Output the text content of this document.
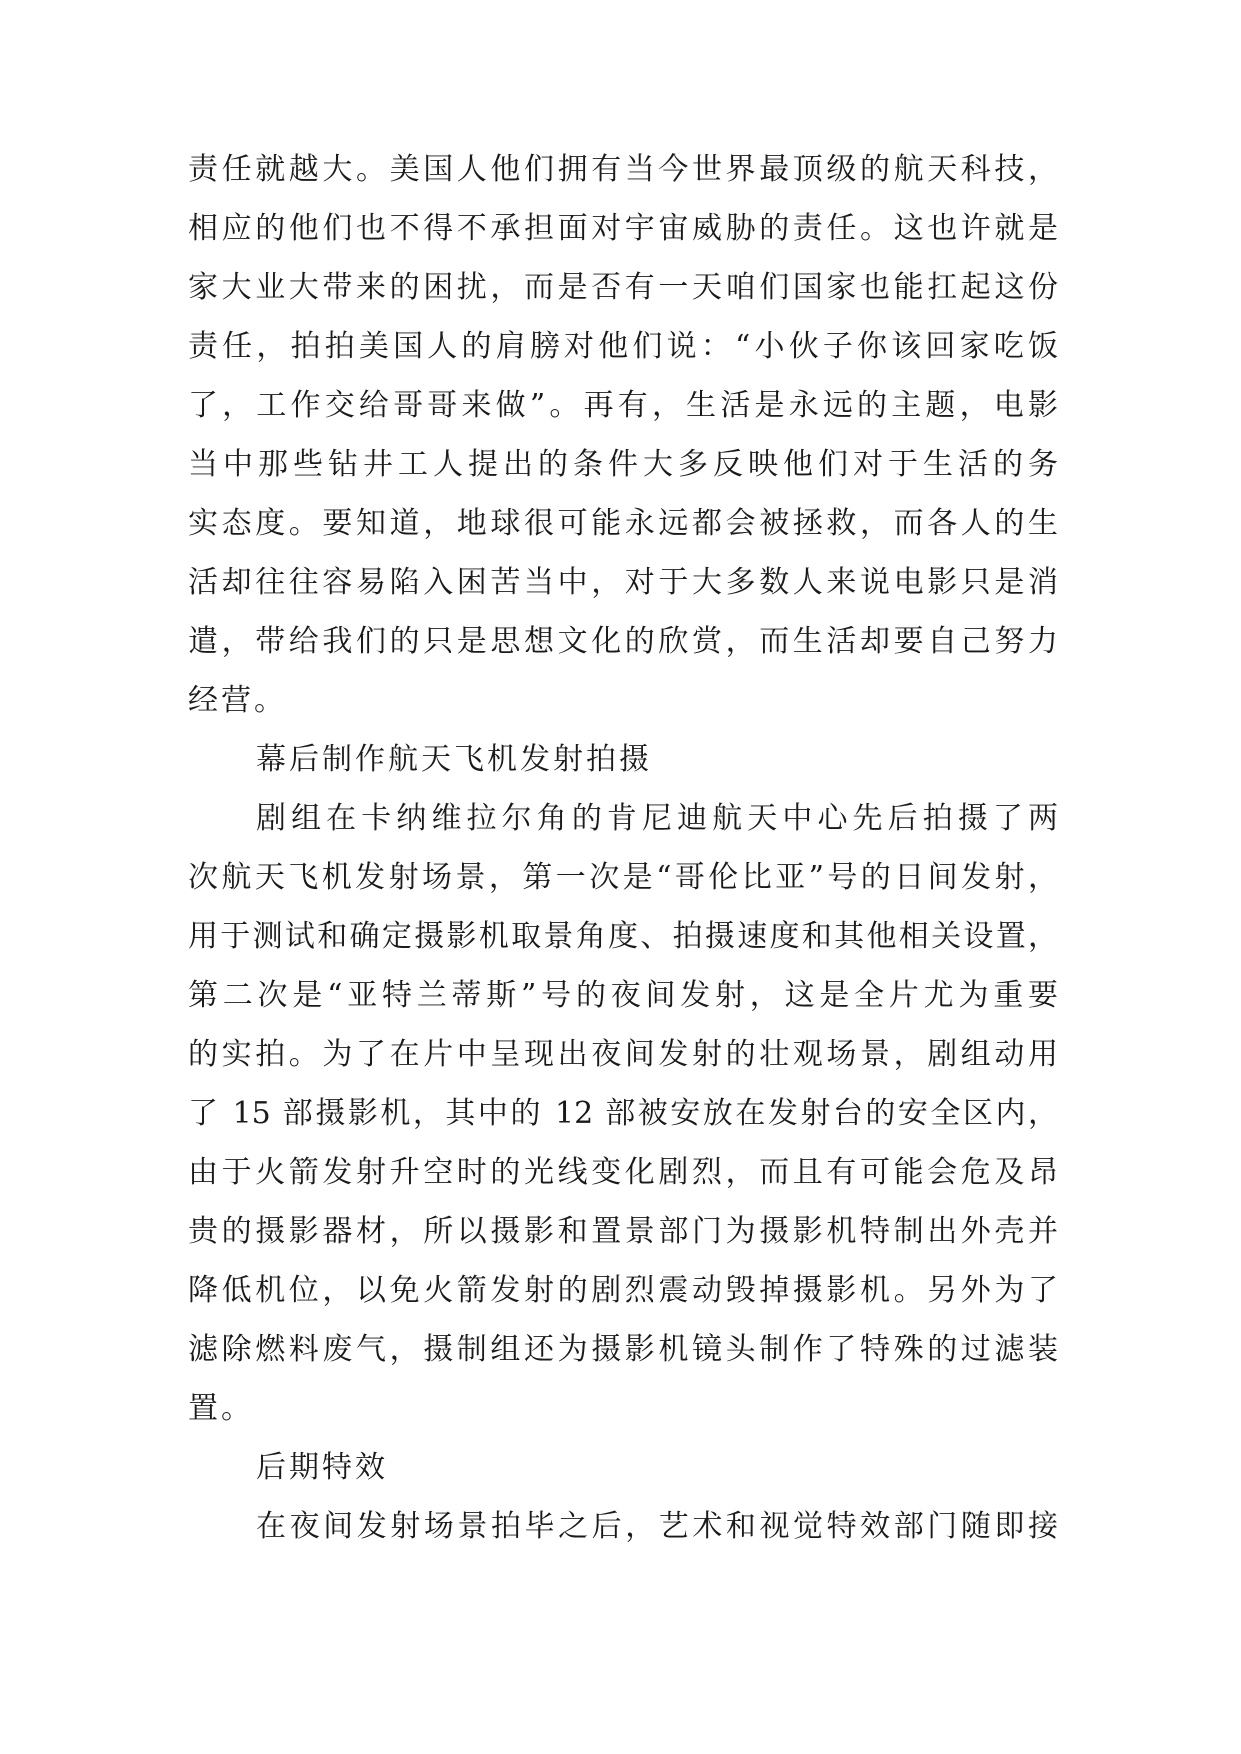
责任就越大。美国人他们拥有当今世界最顶级的航天科技，
相应的他们也不得不承担面对宇宙威胁的责任。这也许就是
家大业大带来的困扰，而是否有一天咱们国家也能扛起这份
责任，拍拍美国人的肩膀对他们说：“小伙子你该回家吃饭
了，工作交给哥哥来做”。再有，生活是永远的主题，电影
当中那些钻井工人提出的条件大多反映他们对于生活的务
实态度。要知道，地球很可能永远都会被拯救，而各人的生
活却往往容易陷入困苦当中，对于大多数人来说电影只是消
遣，带给我们的只是思想文化的欣赏，而生活却要自己努力
经营。
幕后制作航天飞机发射拍摄
剧组在卡纳维拉尔角的肯尼迪航天中心先后拍摄了两
次航天飞机发射场景，第一次是“哥伦比亚”号的日间发射，
用于测试和确定摄影机取景角度、拍摄速度和其他相关设置，
第二次是“亚特兰蒂斯”号的夜间发射，这是全片尤为重要
的实拍。为了在片中呈现出夜间发射的壮观场景，剧组动用
了 15 部摄影机，其中的 12 部被安放在发射台的安全区内，
由于火箭发射升空时的光线变化剧烈，而且有可能会危及昂
贵的摄影器材，所以摄影和置景部门为摄影机特制出外壳并
降低机位，以免火箭发射的剧烈震动毁掉摄影机。另外为了
滤除燃料废气，摄制组还为摄影机镜头制作了特殊的过滤装
置。
后期特效
在夜间发射场景拍毕之后，艺术和视觉特效部门随即接
